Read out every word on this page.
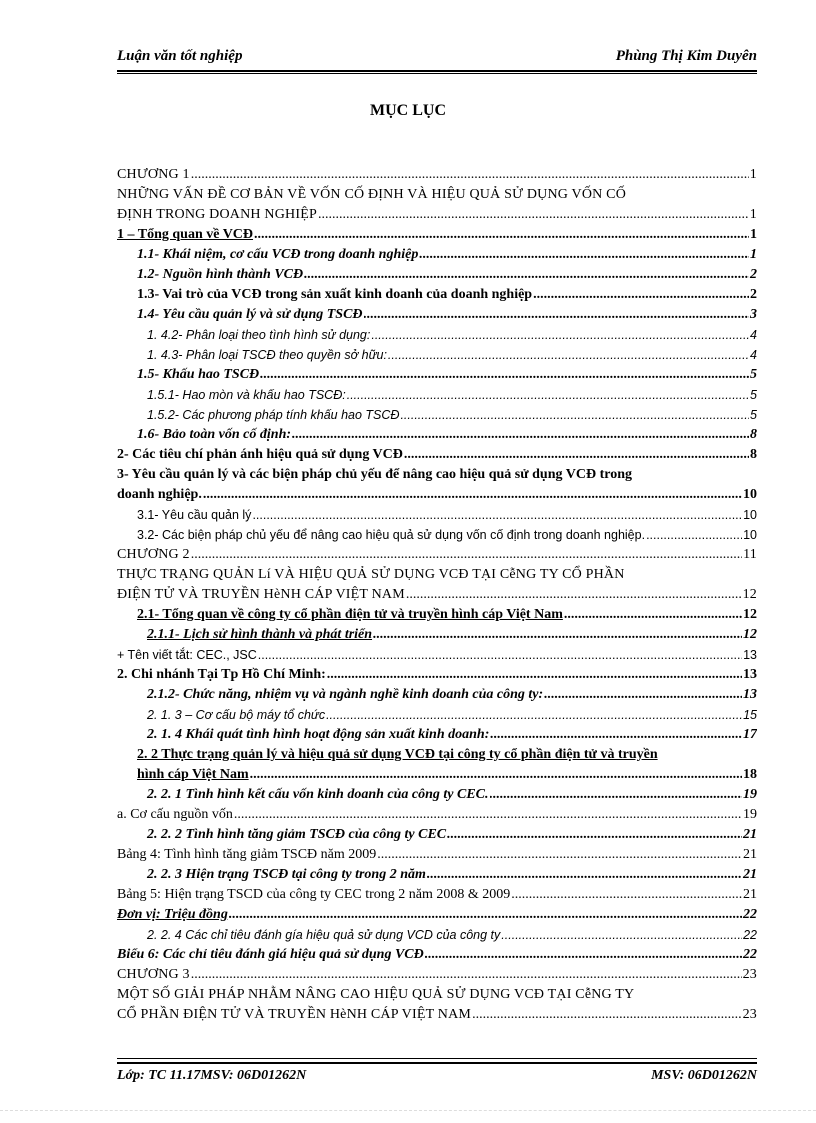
Luận văn tốt nghiệp	Phùng Thị Kim Duyên
MỤC LỤC
CHƯƠNG 1 .....	1
NHỮNG VẤN ĐỀ CƠ BẢN VỀ VỐN CỐ ĐỊNH VÀ HIỆU QUẢ SỬ DỤNG VỐN CỐ
ĐỊNH TRONG DOANH NGHIỆP .....	1
1 – Tổng quan về VCĐ .....	1
1.1- Khái niệm, cơ cấu VCĐ trong doanh nghiệp .....	1
1.2- Nguồn hình thành VCĐ .....	2
1.3- Vai trò của VCĐ trong sản xuất kinh doanh của doanh nghiệp .....	2
1.4- Yêu cầu quản lý và sử dụng TSCĐ .....	3
1. 4.2- Phân loại theo tình hình sử dụng: .....	4
1. 4.3- Phân loại TSCĐ theo quyền sở hữu: .....	4
1.5- Khấu hao TSCĐ .....	5
1.5.1- Hao mòn và khấu hao TSCĐ: .....	5
1.5.2- Các phương pháp tính khấu hao TSCĐ .....	5
1.6- Bảo toàn vốn cố định: .....	8
2- Các tiêu chí phản ánh hiệu quả sử dụng VCĐ .....	8
3- Yêu cầu quản lý và các biện pháp chủ yếu để nâng cao hiệu quả sử dụng VCĐ trong
doanh nghiệp. .....	10
3.1- Yêu cầu quản lý .....	10
3.2- Các biện pháp chủ yếu để nâng cao hiệu quả sử dụng vốn cố định trong doanh nghiệp. .....	10
CHƯƠNG 2 .....	11
THỰC TRẠNG QUẢN Lí VÀ HIỆU QUẢ SỬ DỤNG VCĐ TẠI CễNG TY CỔ PHẦN
ĐIỆN TỬ VÀ TRUYỀN HèNH CÁP VIỆT NAM .....	12
2.1- Tổng quan về công ty cổ phần điện tử và truyền hình cáp Việt Nam .....	12
2.1.1- Lịch sử hình thành và phát triển .....	12
+ Tên viết tắt: CEC., JSC .....	13
2. Chi nhánh Tại Tp Hồ Chí Minh: .....	13
2.1.2- Chức năng, nhiệm vụ và ngành nghề kinh doanh của công ty: .....	13
2. 1. 3 – Cơ cấu bộ máy tổ chức .....	15
2. 1. 4 Khái quát tình hình hoạt động sản xuất kinh doanh: .....	17
2. 2 Thực trạng quản lý và hiệu quả sử dụng VCĐ tại công ty cổ phần điện tử và truyền
hình cáp Việt Nam .....	18
2. 2. 1 Tình hình kết cấu vốn kinh doanh của công ty CEC. .....	19
a. Cơ cấu nguồn vốn .....	19
2. 2. 2 Tình hình tăng giảm TSCĐ của công ty CEC .....	21
Bảng 4: Tình hình tăng giảm TSCĐ năm 2009 .....	21
2. 2. 3 Hiện trạng TSCĐ tại công ty trong 2 năm .....	21
Bảng 5: Hiện trạng TSCD của công ty CEC trong 2 năm 2008 & 2009 .....	21
Đơn vị: Triệu đồng .....	22
2. 2. 4 Các chỉ tiêu đánh gía hiệu quả sử dụng VCD của công ty .....	22
Biểu 6: Các chỉ tiêu đánh giá hiệu quả sử dụng VCĐ .....	22
CHƯƠNG 3 .....	23
MỘT SỐ GIẢI PHÁP NHẰM NÂNG CAO HIỆU QUẢ SỬ DỤNG VCĐ TẠI CễNG TY
CỔ PHẦN ĐIỆN TỬ VÀ TRUYỀN HèNH CÁP VIỆT NAM .....	23
Lớp: TC 11.17MSV: 06D01262N	MSV: 06D01262N
